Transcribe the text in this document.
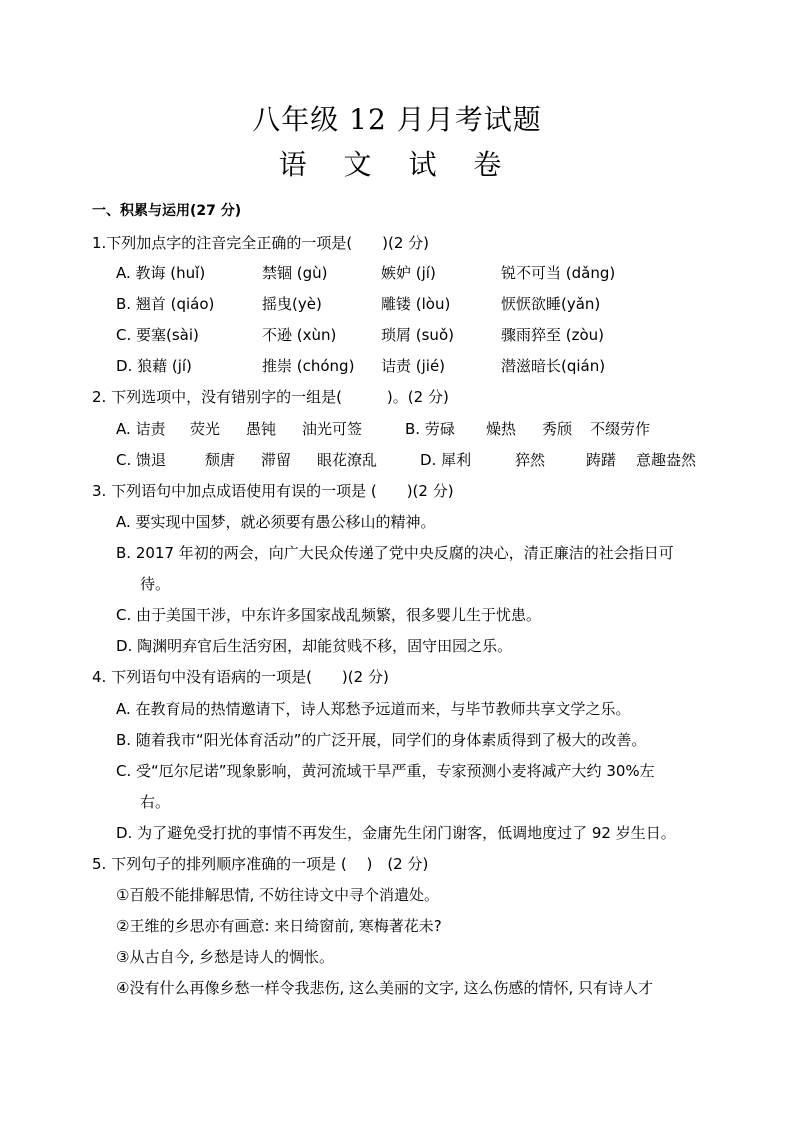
八年级 12 月月考试题
语 文 试 卷
一、积累与运用(27 分)
1.下列加点字的注音完全正确的一项是(　　)(2 分)
A. 教诲 (huǐ)	禁锢 (gù)	嫉妒 (jí)	锐不可当 (dǎng)
B. 翘首 (qiáo)	摇曳(yè)	雕镂 (lòu)	恹恹欲睡(yǎn)
C. 要塞(sài)	不逊 (xùn)	琐屑 (suǒ)	骤雨猝至 (zòu)
D. 狼藉 (jí)	推崇 (chóng) 诘责 (jié)	潜滋暗长(qián)
2. 下列选项中，没有错别字的一组是(　　　)。(2 分)
A. 诘责 荧光 愚钝 油光可签	B. 劳碌 燥热 秀颀 不缀劳作
C. 馈退	颓唐 滞留 眼花潦乱	D. 犀利	猝然	踌躇 意趣盎然
3. 下列语句中加点成语使用有误的一项是 (　　)(2 分)
A. 要实现中国梦，就必须要有愚公移山的精神。
B. 2017 年初的两会，向广大民众传递了党中央反腐的决心，清正廉洁的社会指日可
待。
C. 由于美国干涉，中东许多国家战乱频繁，很多婴儿生于忧患。
D. 陶渊明弃官后生活穷困，却能贫贱不移，固守田园之乐。
4. 下列语句中没有语病的一项是(　　)(2 分)
A. 在教育局的热情邀请下，诗人郑愁予远道而来，与毕节教师共享文学之乐。
B. 随着我市“阳光体育活动”的广泛开展，同学们的身体素质得到了极大的改善。
C. 受“厄尔尼诺”现象影响，黄河流域干旱严重，专家预测小麦将减产大约 30%左
右。
D. 为了避免受打扰的事情不再发生，金庸先生闭门谢客，低调地度过了 92 岁生日。
5. 下列句子的排列顺序准确的一项是 (　 )　(2 分)
①百般不能排解思情, 不妨往诗文中寻个消遣处。
②王维的乡思亦有画意: 来日绮窗前, 寒梅著花未?
③从古自今, 乡愁是诗人的惆怅。
④没有什么再像乡愁一样令我悲伤, 这么美丽的文字, 这么伤感的情怀, 只有诗人才
